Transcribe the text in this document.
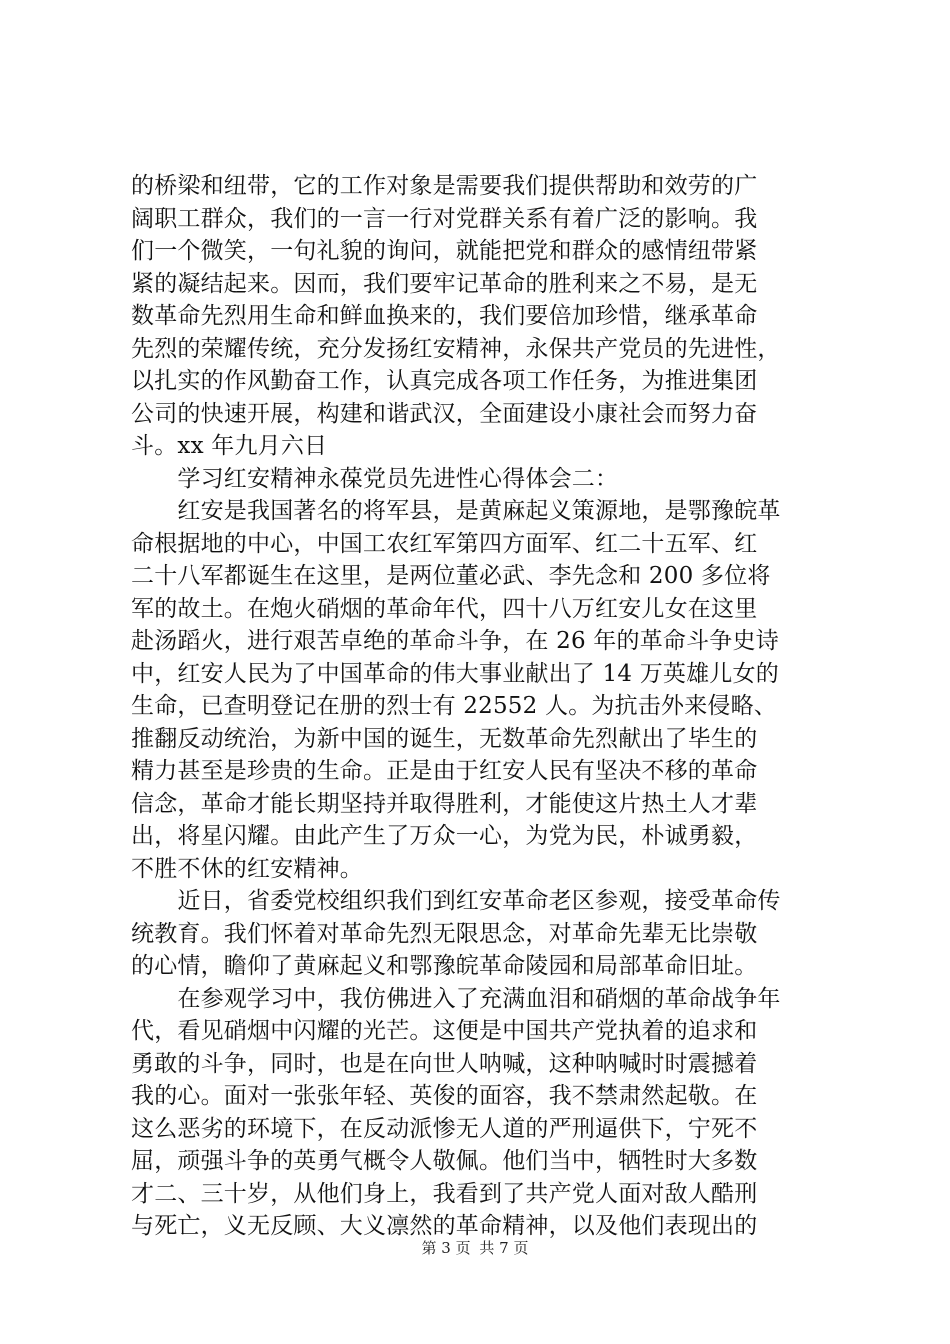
的桥梁和纽带，它的工作对象是需要我们提供帮助和效劳的广
阔职工群众，我们的一言一行对党群关系有着广泛的影响。我
们一个微笑，一句礼貌的询问，就能把党和群众的感情纽带紧
紧的凝结起来。因而，我们要牢记革命的胜利来之不易，是无
数革命先烈用生命和鲜血换来的，我们要倍加珍惜，继承革命
先烈的荣耀传统，充分发扬红安精神，永保共产党员的先进性，
以扎实的作风勤奋工作，认真完成各项工作任务，为推进集团
公司的快速开展，构建和谐武汉，全面建设小康社会而努力奋
斗。xx 年九月六日
　　学习红安精神永葆党员先进性心得体会二：
　　红安是我国著名的将军县，是黄麻起义策源地，是鄂豫皖革
命根据地的中心，中国工农红军第四方面军、红二十五军、红
二十八军都诞生在这里，是两位董必武、李先念和 200 多位将
军的故土。在炮火硝烟的革命年代，四十八万红安儿女在这里
赴汤蹈火，进行艰苦卓绝的革命斗争，在 26 年的革命斗争史诗
中，红安人民为了中国革命的伟大事业献出了 14 万英雄儿女的
生命，已查明登记在册的烈士有 22552 人。为抗击外来侵略、
推翻反动统治，为新中国的诞生，无数革命先烈献出了毕生的
精力甚至是珍贵的生命。正是由于红安人民有坚决不移的革命
信念，革命才能长期坚持并取得胜利，才能使这片热土人才辈
出，将星闪耀。由此产生了万众一心，为党为民，朴诚勇毅，
不胜不休的红安精神。
　　近日，省委党校组织我们到红安革命老区参观，接受革命传
统教育。我们怀着对革命先烈无限思念，对革命先辈无比崇敬
的心情，瞻仰了黄麻起义和鄂豫皖革命陵园和局部革命旧址。
　　在参观学习中，我仿佛进入了充满血泪和硝烟的革命战争年
代，看见硝烟中闪耀的光芒。这便是中国共产党执着的追求和
勇敢的斗争，同时，也是在向世人呐喊，这种呐喊时时震撼着
我的心。面对一张张年轻、英俊的面容，我不禁肃然起敬。在
这么恶劣的环境下，在反动派惨无人道的严刑逼供下，宁死不
屈，顽强斗争的英勇气概令人敬佩。他们当中，牺牲时大多数
才二、三十岁，从他们身上，我看到了共产党人面对敌人酷刑
与死亡，义无反顾、大义凛然的革命精神，以及他们表现出的
第 3 页 共 7 页
